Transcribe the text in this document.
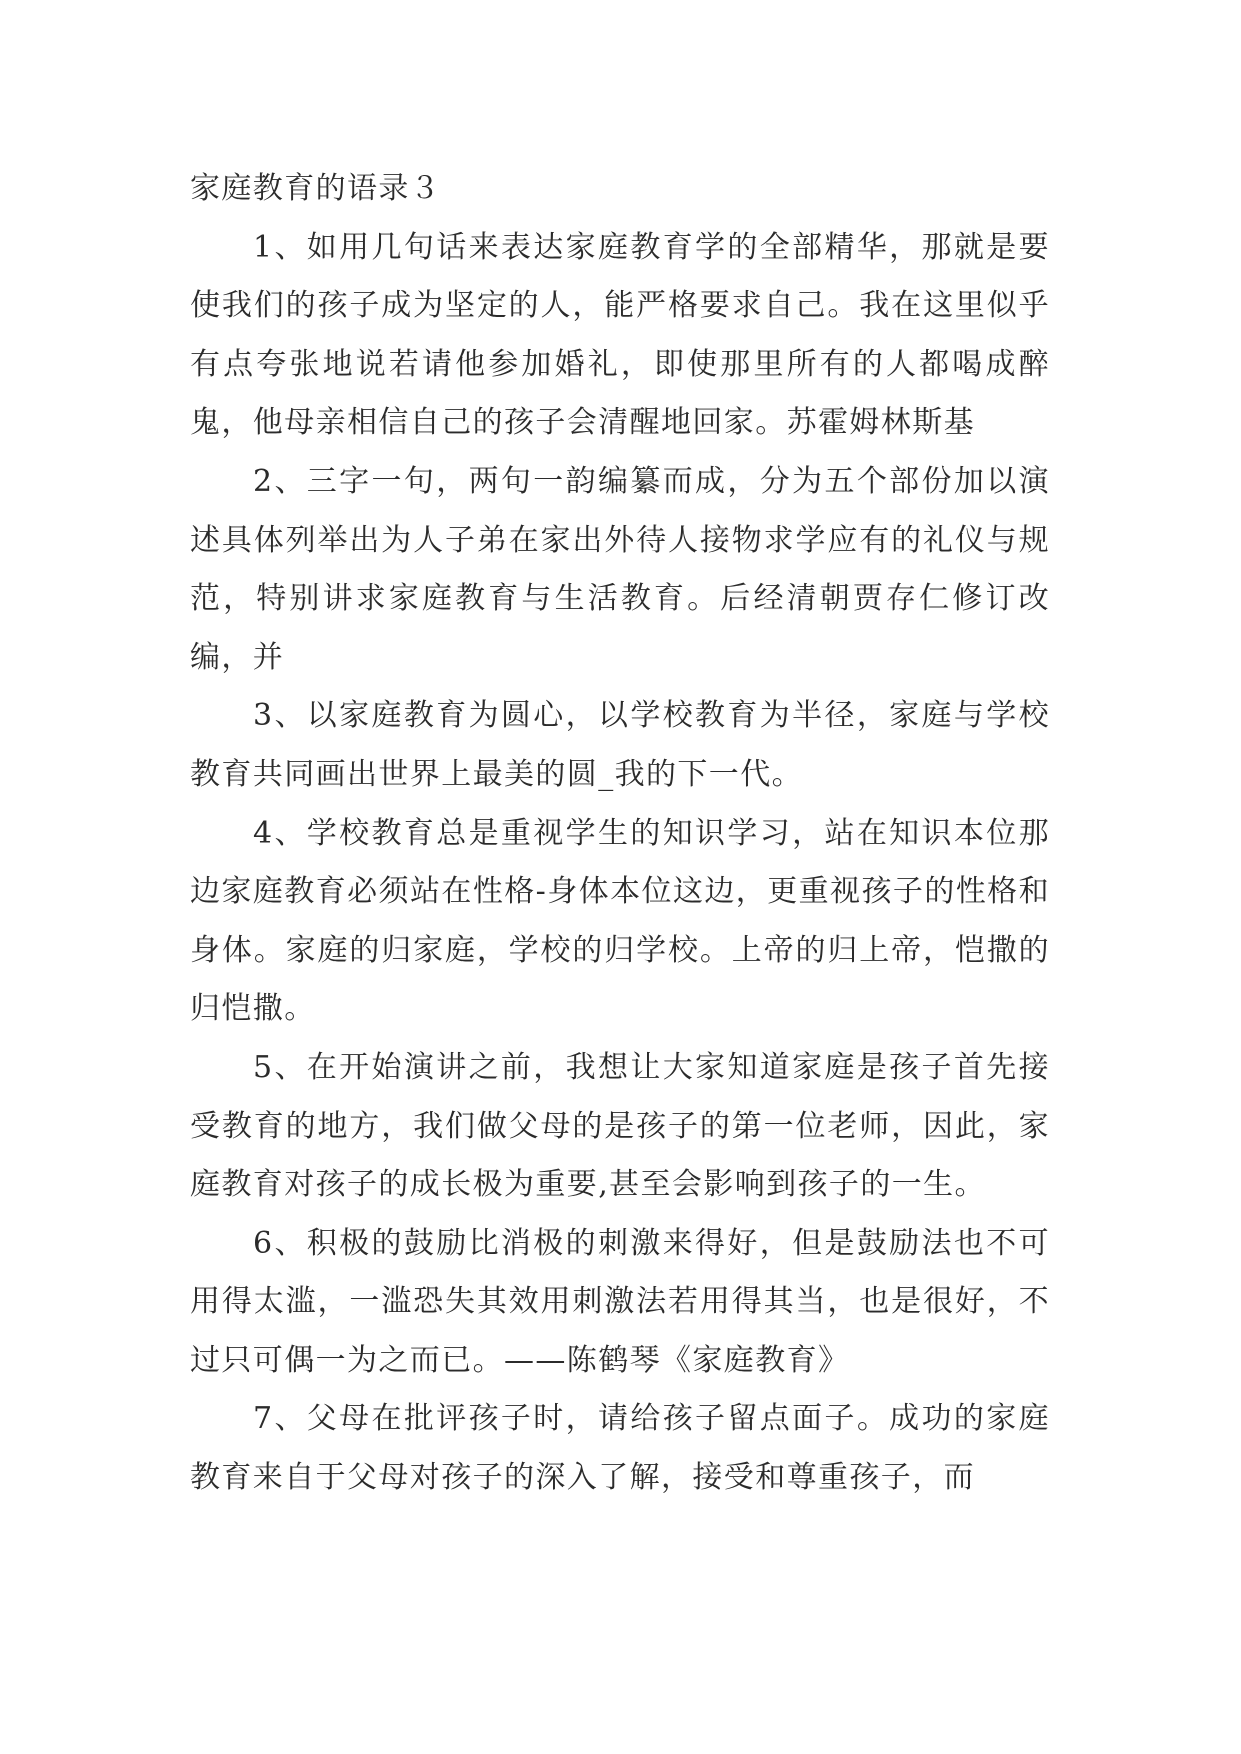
家庭教育的语录３

1、如用几句话来表达家庭教育学的全部精华，那就是要使我们的孩子成为坚定的人，能严格要求自己。我在这里似乎有点夸张地说若请他参加婚礼，即使那里所有的人都喝成醉鬼，他母亲相信自己的孩子会清醒地回家。苏霍姆林斯基

2、三字一句，两句一韵编纂而成，分为五个部份加以演述具体列举出为人子弟在家出外待人接物求学应有的礼仪与规范，特别讲求家庭教育与生活教育。后经清朝贾存仁修订改编，并

3、以家庭教育为圆心，以学校教育为半径，家庭与学校教育共同画出世界上最美的圆_我的下一代。

4、学校教育总是重视学生的知识学习，站在知识本位那边家庭教育必须站在性格-身体本位这边，更重视孩子的性格和身体。家庭的归家庭，学校的归学校。上帝的归上帝，恺撒的归恺撒。

5、在开始演讲之前，我想让大家知道家庭是孩子首先接受教育的地方，我们做父母的是孩子的第一位老师，因此，家庭教育对孩子的成长极为重要,甚至会影响到孩子的一生。

6、积极的鼓励比消极的刺激来得好，但是鼓励法也不可用得太滥，一滥恐失其效用刺激法若用得其当，也是很好，不过只可偶一为之而已。——陈鹤琴《家庭教育》

7、父母在批评孩子时，请给孩子留点面子。成功的家庭教育来自于父母对孩子的深入了解，接受和尊重孩子，而
